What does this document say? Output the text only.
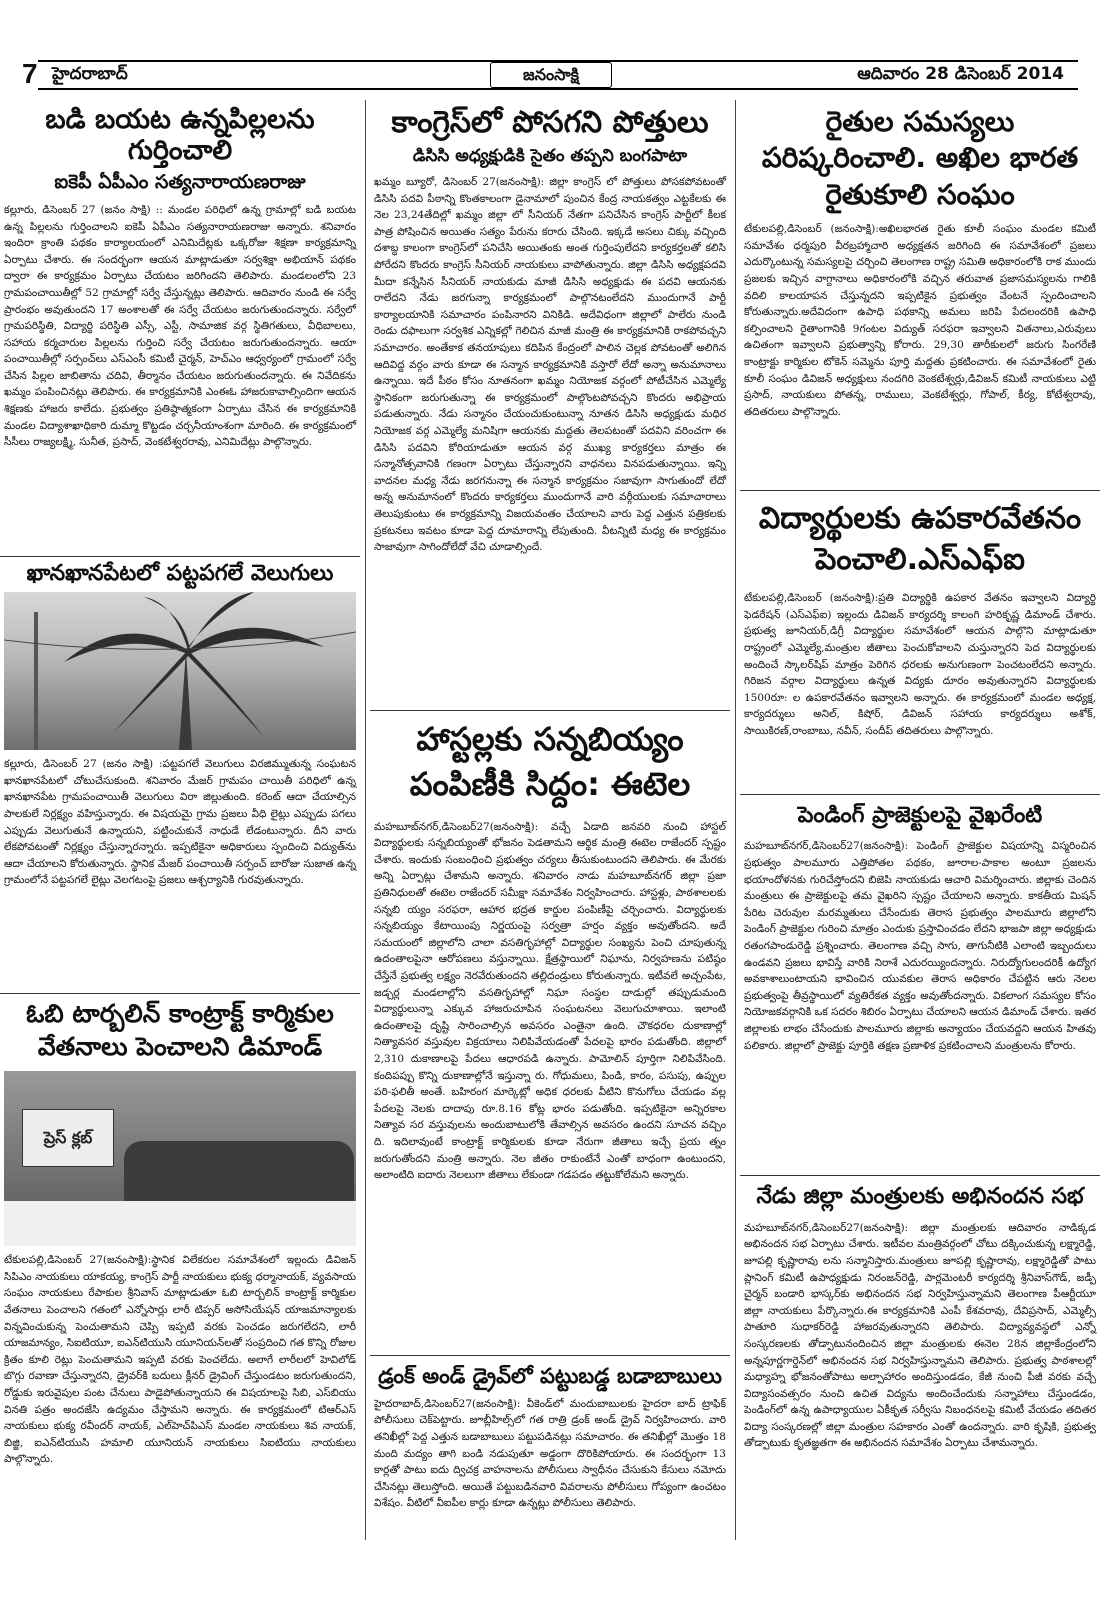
7 హైదరాబాద్	జనంసాక్షి	ఆదివారం 28 డిసెంబర్ 2014
బడి బయట ఉన్నపిల్లలను గుర్తించాలి
ఐకెపీ ఏపీఎం సత్యనారాయణరాజు

కల్లూరు, డిసెంబర్ 27 (జనం సాక్షి) :: మండల పరిధిలో ఉన్న గ్రామాల్లో బడి బయట ఉన్న పిల్లలను గుర్తించాలని ఐకెపీ ఏపీఎం సత్యనారాయణరాజు అన్నారు. శనివారం ఇందిరా క్రాంతి పథకం కార్యాలయంలో ఎనిమిదేట్లకు ఒక్కరోజు శిక్షణా కార్యక్రమాన్ని ఏర్పాటు చేశారు. ఈ సందర్భంగా ఆయన మాట్లాడుతూ సర్వశిక్షా అభియాన్ పథకం ద్వారా ఈ కార్యక్రమం ఏర్పాటు చేయటం జరిగిందని తెలిపారు. మండలంలోని 23 గ్రామపంచాయితీల్లో 52 గ్రామాల్లో సర్వే చేస్తున్నట్లు తెలిపారు. ఆదివారం నుండి ఈ సర్వే ప్రారంభం అవుతుందని 17 అంశాలతో ఈ సర్వే చేయటం జరుగుతుందన్నారు. సర్వేలో గ్రామపరిస్థితి, విద్యార్థి పరిస్థితి ఎస్సీ, ఎస్టీ, సామాజిక వర్గ స్థితిగతులు, వీధిబాలలు, సహాయ కర్మచారుల పిల్లలను గుర్తించి సర్వే చేయటం జరుగుతుందన్నారు. ఆయా పంచాయితీల్లో సర్పంచ్‌లు ఎస్ఎంసీ కమిటీ చైర్మన్, హెచ్ఎం ఆధ్వర్యంలో గ్రామంలో సర్వే చేసిన పిల్లల జాబితాను చదివి, తీర్మానం చేయటం జరుగుతుందన్నారు. ఈ నివేదికను ఖమ్మం పంపించినట్లు తెలిపారు. ఈ కార్యక్రమానికి ఎంఈఓ హాజరుకావాల్సిందిగా ఆయన శిక్షణకు హాజరు కాలేదు. ప్రభుత్వం ప్రతిష్ఠాత్మకంగా ఏర్పాటు చేసిన ఈ కార్యక్రమానికి మండల విద్యాశాఖాధికారి దుమ్మా కొట్టడం చర్చనీయాంశంగా మారింది. ఈ కార్యక్రమంలో సీసీలు రాజ్యలక్ష్మి, సునీత, ప్రసాద్, వెంకటేశ్వరరావు, ఎనిమిదేట్లు పాల్గొన్నారు.

ఖానఖానపేటలో పట్టపగలే వెలుగులు

కల్లూరు, డిసెంబర్ 27 (జనం సాక్షి) :పట్టపగలే వెలుగులు విరజిమ్ముతున్న సంఘటన ఖానఖానపేటలో చోటుచేసుకుంది. శనివారం మేజర్ గ్రామపం చాయితీ పరిధిలో ఉన్న ఖానఖానపేట గ్రామపంచాయితీ వెలుగులు విరా జిల్లుతుంది. కరెంట్ ఆదా చేయాల్సిన పాలకులే నిర్లక్ష్యం వహిస్తున్నారు. ఈ విషయమై గ్రామ ప్రజలు వీధి లైట్లు ఎప్పుడు పగలు ఎప్పుడు వెలుగుతునే ఉన్నాయని, పట్టించుకునే నాధుడే లేడంటున్నారు. దీని వారు లేకపోవటంతో నిర్లక్ష్యం చేస్తున్నారన్నారు. ఇప్పటికైనా అధికారులు స్పందించి విద్యుత్‌ను ఆదా చేయాలని కోరుతున్నారు. స్థానిక మేజర్ పంచాయితీ సర్పంచ్ బారోజు సుజాత ఉన్న గ్రామంలోనే పట్టపగలే లైట్లు వెలగటంపై ప్రజలు ఆశ్చర్యానికి గురవుతున్నారు.

ఓబి టార్బలిన్ కాంట్రాక్ట్ కార్మికుల వేతనాలు పెంచాలని డిమాండ్
ప్రెస్ క్లబ్

టేకులపల్లి,డిసెంబర్ 27(జనంసాక్షి):స్థానిక విలేకరుల సమావేశంలో ఇల్లందు డివిజన్ సిపిఎం నాయకులు యాకయ్య, కాంగ్రెస్ పార్టీ నాయకులు భుక్య ధర్మానాయక్, వ్యవసాయ సంఘం నాయకులు రేపాకుల శ్రీనివాస్ మాట్లాడుతూ ఓబి టార్బలిన్ కాంట్రాక్ట్ కార్మికుల వేతనాలు పెంచాలని గతంలో ఎన్నోసార్లు లారీ టిప్పర్ అసోసియేషన్ యాజమాన్యాలకు విన్నవించుకున్న పెంచుతామని చెప్పి ఇప్పటి వరకు పెంచడం జరుగలేదని, లారీ యాజమాన్యం, సిఐటియూ, ఐఎన్‌టియుసి యూనియన్‌లతో సంప్రదించి గత కొన్ని రోజుల క్రితం కూలి రెట్లు పెంచుతామని ఇప్పటి వరకు పెంచలేదు. అలాగే లారీలలో హెవిలోడ్ బొగ్గు రవాణా చేస్తున్నారని, డ్రైవర్‌కి బదులు క్లీనర్ డ్రైవింగ్ చేస్తుండటం జరుగుతుందని, రోడ్డుకు ఇరువైపుల పంట చేనులు పాడైపోతున్నాయని ఈ విషయాలపై సిబి, ఎస్‌బియు వినతి పత్రం అందజేసి ఉద్యమం చేస్తామని అన్నారు. ఈ కార్యక్రమంలో టిఆర్ఎస్ నాయకులు భుక్య రవీందర్ నాయక్, ఎల్‌హెచ్‌పిఎస్ మండల నాయకులు శివ నాయక్, బిజ్జి, ఐఎన్‌టియుసి హమాలి యూనియన్ నాయకులు సిఐటియు నాయకులు పాల్గొన్నారు.

కాంగ్రెస్‌లో పోసగని పోత్తులు
డిసిసి అధ్యక్షుడికి సైతం తప్పని బంగపాటా

ఖమ్మం బ్యూరో, డిసెంబర్ 27(జనంసాక్షి): జిల్లా కాంగ్రెస్ లో పోత్తులు పోసకపోవటంతో డిసిసి పదవి పీఠాన్ని కొంతకాలంగా డైనామాలో పుంచిన కేంద్ర నాయకత్వం ఎట్టకేలకు ఈ నెల 23,24తేదిల్లో ఖమ్మం జిల్లా లో సీనియర్ నేతగా పనిచేసిన కాంగ్రెస్ పార్టీలో కీలక పాత్ర పోషించిన అయితం సత్యం పేరును కరారు చేసింది. ఇక్కడే అసలు చిక్కు వచ్చింది దశాబ్ధ కాలంగా కాంగ్రెస్‌లో పనిచేసి అయితంకు అంత గుర్తింపులేదని కార్యకర్తలతో కలిసి పోరేదని కొందరు కాంగ్రెస్ సీనియర్ నాయకులు వాపోతున్నారు. జిల్లా డిసిసి అధ్యక్షపదవి మీదా కన్నేసిన సీనియర్ నాయకుడు మాజీ డిసిసి అధ్యక్షుడు ఈ పదవి ఆయనకు రాలేదని నేడు జరగున్నా కార్యక్రమంలో పాల్గొనటంలేదని ముందుగానే పార్టీ కార్యాలయానికి సమాచారం పంపినారని వినికిడి. అదేవిధంగా జిల్లాలో పాలేరు నుండి రెండు దఫాలుగా సర్వశిక ఎన్నికల్లో గెలిచిన మాజీ మంత్రి ఈ కార్యక్రమానికి రాకపోవచ్చని సమాచారం. అంతేకాక తనయాపులు కదిపిన కేంద్రంలో పాలిన చెల్లక పోవటంతో అలిగిన ఆదివిద్ద వర్గం వారు కూడా ఈ సన్మాన కార్యక్రమానికి వస్తారో లేదో అన్నా అనుమానాలు ఉన్నాయి. ఇదే పీఠం కోసం నూతనంగా ఖమ్మం నియోజక వర్గంలో పోటీచేసిన ఎమ్మెల్యే స్థానికంగా జరుగుతున్నా ఈ కార్యక్రమంలో పాల్గొంటపోవచ్చని కొందరు అభిప్రాయ పడుతున్నారు. నేడు సన్మానం చేయంచుకుంటున్నా నూతన డిసిసి అధ్యక్షుడు మధిర నియోజక వర్గ ఎమ్మెల్యే మనిషిగా ఆయనకు మద్దతు తెలపటంతో పదవిని వరించగా ఈ డిసిసి పదవిని కోరియాడుతూ ఆయన వర్గ ముఖ్య కార్యకర్తలు మాత్రం ఈ సన్మానోత్సవానికి గణంగా ఏర్పాటు చేస్తున్నారని వాధనలు వినపడుతున్నాయి. ఇన్ని వాదనల మధ్య నేడు జరగనున్నా ఈ సన్మాన కార్యక్రమం సజావుగా సాగుతుందో లేదో అన్న అనుమానంలో కొందరు కార్యకర్తలు ముందుగానే వారి వర్గీయులకు సమాచారాలు తెలుపుకుంటు ఈ కార్యక్రమాన్ని విజయవంతం చేయాలని వారు పెద్ద ఎత్తున పత్రికలకు ప్రకటనలు ఇవటం కూడా పెద్ద దూమారాన్ని లేపుతుంది. వీటన్నిటి మధ్య ఈ కార్యక్రమం సాజావుగా సాగిందోలేదో వేచి చూడాల్సిందే.

హాస్టల్లకు సన్నబియ్యం పంపిణీకి సిద్దం: ఈటెల

మహబూబ్‌నగర్,డిసెంబర్27(జనంసాక్షి): వచ్చే ఏడాది జనవరి నుంచి హాస్టల్ విద్యార్థులకు సన్నబియ్యంతో భోజనం పెడతామని ఆర్థిక మంత్రి ఈటెల రాజేందర్ స్పష్టం చేశారు. ఇందుకు సంబంధించి ప్రభుత్వం చర్యలు తీసుకుంటుందని తెలిపారు. ఈ మేరకు అన్ని ఏర్పాట్లు చేశామని అన్నారు. శనివారం నాడు మహబూబ్‌నగర్ జిల్లా ప్రజా ప్రతినిధులతో ఈటెల రాజేందర్ సమీక్షా సమావేశం నిర్వహించారు. హాస్టళ్లు, పాఠశాలలకు సన్నబి య్యం సరఫరా, ఆహార భద్రత కార్డుల పంపిణీపై చర్చించారు. విద్యార్థులకు సన్నబియ్యం కేటాయింపు నిర్ణయంపై సర్వత్రా హర్షం వ్యక్తం అవుతోందని. అదే సమయంలో జిల్లాలోని చాలా వసతిగృహాల్లో విద్యార్థుల సంఖ్యను పెంచి చూపుతున్న ఉదంతాలపైనా ఆరోపణలు వస్తున్నాయి. క్షేత్రస్థాయిలో నిఘాను, నిర్వహణను పటిష్ఠం చేస్తేనే ప్రభుత్వ లక్ష్యం నెరవేరుతుందని తల్లిదండ్రులు కోరుతున్నారు. ఇటీవలే అచ్చంపేట, జడ్చర్ల మండలాల్లోని వసతిగృహాల్లో నిఘా సంస్థల దాడుల్లో తప్పుడుమంది విద్యార్థులున్నా ఎక్కువ హాజరుచూపిన సంఘటనలు వెలుగుచూశాయి. ఇలాంటి ఉదంతాలపై దృష్టి సారించాల్సిన అవసరం ఎంతైనా ఉంది. చౌకధరల దుకాణాల్లో నిత్యావసర వస్తువుల విక్రయాలు నిలిపివేయడంతో పేదలపై భారం పడుతోంది. జిల్లాలో 2,310 దుకాణాలపై పేదలు ఆధారపడి ఉన్నారు. పామోలిన్ పూర్తిగా నిలిపివేసింది. కందిపప్పు కొన్ని దుకాణాల్లోనే ఇస్తున్నా రు. గోధుమలు, పిండి, కారం, పసుపు, ఉప్పుల పరి-ఫలితీ అంతే. బహిరంగ మార్కెట్లో అధిక ధరలకు వీటిని కొనుగోలు చేయడం వల్ల పేదలపై నెలకు దాదాపు రూ.8.16 కోట్ల భారం పడుతోంది. ఇప్పటికైనా అన్నిరకాల నిత్యావ సర వస్తువులను అందుబాటులోకి తేవాల్సిన అవసరం ఉందని సూచన వచ్చిం ది. ఇదిలావుంటే కాంట్రాక్ట్ కార్మికులకు కూడా నేరుగా జీతాలు ఇచ్చే ప్రయ త్నం జరుగుతోందని మంత్రి అన్నారు. నెల జీతం రాకుంటేనే ఎంతో బాధంగా ఉంటుందని, అలాంటిది ఐదారు నెలలుగా జీతాలు లేకుండా గడపడం తట్టుకోలేమని అన్నారు.

డ్రంక్ అండ్ డ్రైవ్‌లో పట్టుబడ్డ బడాబాబులు

హైదరాబాద్,డిసెంబర్27(జనంసాక్షి): వీకెండ్‌లో మందుబాబులకు హైదరా బాద్ ట్రాఫిక్ పోలీసులు చెక్‌పెట్టారు. జూబ్లీహిల్స్‌లో గత రాత్రి డ్రంక్ అండ్ డ్రైవ్ నిర్వహించారు. వారి తనిఖీల్లో పెద్ద ఎత్తున బడాబాబులు పట్టుపడినట్లు సమాచారం. ఈ తనిఖీల్లో మొత్తం 18 మంది మద్యం తాగి బండి నడుపుతూ అడ్డంగా దొరికిపోయారు. ఈ సందర్భంగా 13 కార్లతో పాటు ఐదు ద్విచక్ర వాహనాలను పోలీసులు స్వాధీనం చేసుకుని కేసులు నమోదు చేసినట్లు తెలుస్తోంది. అయితే పట్టుబడినవారి వివరాలను పోలీసులు గోప్యంగా ఉంచటం విశేషం. వీటిలో వీఐపీల కార్లు కూడా ఉన్నట్లు పోలీసులు తెలిపారు.

రైతుల సమస్యలు పరిష్కరించాలి. అఖిల భారత రైతుకూలి సంఘం

టేకులపల్లి,డిసెంబర్ (జనంసాక్షి):అఖిలభారత రైతు కూలీ సంఘం మండల కమిటీ సమావేశం ధర్మపురి వీరబ్రహ్మాచారి అధ్యక్షతన జరిగింది ఈ సమావేశంలో ప్రజలు ఎదుర్కొంటున్న సమస్యలపై చర్చించి తెలంగాణ రాష్ట్ర సమితి అధికారంలోకి రాక ముందు ప్రజలకు ఇచ్చిన వాగ్దానాలు అధికారంలోకి వచ్చిన తరువాత ప్రజాసమస్యలను గాలికి వదిలి కాలయాపన చేస్తున్నదని ఇప్పటికైన ప్రభుత్వం వేంటనే స్పందించాలని కోరుతున్నారు.అదేవిదంగా ఉపాధి పథకాన్ని అమలు జరిపి పేదలందరికి ఉపాధి కల్పించాలని రైతాంగానికి 9గంటల విద్యుత్ సరఫరా ఇవ్వాలని వితనాలు,ఎరువులు ఉచితంగా ఇవ్వాలని ప్రభుత్వాన్ని కోరారు. 29,30 తారీకులలో జరుగు సింగరేణి కాంట్రాక్టు కార్మికుల టోకెన్ సమ్మెను పూర్తి మద్దతు ప్రకటించారు. ఈ సమావేశంలో రైతు కూలీ సంఘం డివిజన్ అధ్యక్షులు నందగిరి వెంకటేశ్వర్లు,డివిజన్ కమిటీ నాయకులు ఎట్టి ప్రసాద్, నాయకులు పోతన్న, రాములు, వెంకటేశ్వర్లు, గోపాల్, కీర్య, కోటేశ్వరావు, తదితరులు పాల్గొన్నారు.

విద్యార్థులకు ఉపకారవేతనం పెంచాలి.ఎస్ఎఫ్ఐ

టేకులపల్లి,డిసెంబర్ (జనంసాక్షి):ప్రతి విద్యార్థికి ఉపకార వేతనం ఇవ్వాలని విద్యార్థి ఫెడరేషన్ (ఎస్ఎఫ్ఐ) ఇల్లందు డివిజన్ కార్యదర్శి కాలంగి హరికృష్ణ డిమాండ్ చేశారు. ప్రభుత్వ జూనియర్,డిగ్రీ విద్యార్థుల సమావేశంలో ఆయన పాల్గొని మాట్లాడుతూ రాష్ట్రంలో ఎమ్మెల్యే,మంత్రుల జీతాలు పెంచుకోవాలని చుస్తున్నారని పెద విద్యార్థులకు అందించే స్కాలర్‌షిప్ మాత్రం పెరిగిన ధరలకు అనుగుణంగా పెంచటంలేదని అన్నారు. గిరిజన వర్గాల విద్యార్థులు ఉన్నత విద్యకు దూరం అవుతున్నారని విద్యార్థులకు 1500రూ: ల ఉపకారవేతనం ఇవ్వాలని అన్నారు. ఈ కార్యక్రమంలో మండల అధ్యక్ష, కార్యదర్శులు అనిల్, కిషోర్, డివిజన్ సహాయ కార్యదర్శులు అశోక్, సాయికిరణ్,రాంబాబు, నవీన్, సందీప్ తదితరులు పాల్గొన్నారు.

పెండింగ్ ప్రాజెక్టులపై వైఖరేంటి

మహబూబ్‌నగర్,డిసెంబర్27(జనంసాక్షి): పెండింగ్ ప్రాజెక్టుల విషయాన్ని విస్మరించిన ప్రభుత్వం పాలమూరు ఎత్తిపోతల పథకం, జూరాల-పాకాల అంటూ ప్రజలను భయాందోళనకు గురిచేస్తోందని బిజెపి నాయకుడు ఆచారి విమర్శించారు. జిల్లాకు చెందిన మంత్రులు ఈ ప్రాజెక్టులపై తమ వైఖరిని స్పష్టం చేయాలని అన్నారు. కాకతీయ మిషన్ పేరిట చెరువుల మరమ్మతులు చేసేందుకు తెరాస ప్రభుత్వం పాలమూరు జిల్లాలోని పెండింగ్ ప్రాజెక్టుల గురించి మాత్రం ఎందుకు ప్రస్తావించడం లేదని భాజపా జిల్లా అధ్యక్షుడు రతంగపాండురెడ్డి ప్రశ్నించారు. తెలంగాణ వచ్చి సాగు, తాగునీటికి ఎలాంటి ఇబ్బందులు ఉండవని ప్రజలు భావిస్తే వారికి నిరాశే ఎదురయ్యిందన్నారు. నిరుద్యోగులందరికీ ఉద్యోగ అవకాశాలుంటాయని భావించిన యువకుల తెరాస అధికారం చేపట్టిన ఆరు నెలల ప్రభుత్వంపై తీవ్రస్థాయిలో వ్యతిరేకత వ్యక్తం అవుతోందన్నారు. వికలాంగ సమస్యల కోసం నియోజకవర్గానికి ఒక సదరం శిబిరం ఏర్పాటు చేయాలని ఆయన డిమాండ్ చేశారు. ఇతర జిల్లాలకు లాభం చేసేందుకు పాలమూరు జిల్లాకు అన్యాయం చేయవద్దని ఆయన హితవు పలికారు. జిల్లాలో ప్రాజెక్టు పూర్తికి తక్షణ ప్రణాళిక ప్రకటించాలని మంత్రులను కోరారు.

నేడు జిల్లా మంత్రులకు అభినందన సభ

మహబూబ్‌నగర్,డిసెంబర్27(జనంసాక్షి): జిల్లా మంత్రులకు ఆదివారం నాడిక్కడ అభినందన సభ ఏర్పాటు చేశారు. ఇటీవల మంత్రివర్గంలో చోటు దక్కించుకున్న లక్ష్మారెడ్డి, జూపల్లి కృష్ణారావు లను సన్మానిస్తారు.మంత్రులు జూపల్లి కృష్ణారావు, లక్ష్మారెడ్డితో పాటు ప్లానింగ్ కమిటీ ఉపాధ్యక్షుడు నిరంజన్‌రెడ్డి, పార్లమెంటరీ కార్యదర్శి శ్రీనివాస్‌గౌడ్, జడ్పీ చైర్మన్ బండారి భాస్కర్‌కు అభినందన సభ నిర్వహిస్తున్నామని తెలంగాణ పీఆర్టీయూ జిల్లా నాయకులు పేర్కొన్నారు.ఈ కార్యక్రమానికి ఎంపీ కేశవరావు, దేవిప్రసాద్, ఎమ్మెల్సీ పాతూరి సుధాకర్‌రెడ్డి హాజరవుతున్నారని తెలిపారు. విద్యావ్యవస్థలో ఎన్నో సంస్కరణలకు తోడ్పాటునందించిన జిల్లా మంత్రులకు ఈనెల 28న జిల్లాకేంద్రంలోని అన్నపూర్ణగార్డెన్‌లో అభినందన సభ నిర్వహిస్తున్నామని తెలిపారు. ప్రభుత్వ పాఠశాలల్లో మధ్యాహ్న భోజనంతోపాటు అల్పాహారం అందిస్తుండడం, కేజీ నుంచి పీజీ వరకు వచ్చే విద్యాసంవత్సరం నుంచి ఉచిత విద్యను అందించేందుకు సన్నాహాలు చేస్తుండడం, పెండింగ్‌లో ఉన్న ఉపాధ్యాయుల ఏకీకృత సర్వీసు నిబంధనలపై కమిటీ వేయడం తదితర విద్యా సంస్కరణల్లో జిల్లా మంత్రుల సహకారం ఎంతో ఉందన్నారు. వారి కృషికి, ప్రభుత్వ తోడ్పాటుకు కృతజ్ఞతగా ఈ అభినందన సమావేశం ఏర్పాటు చేశామన్నారు.
